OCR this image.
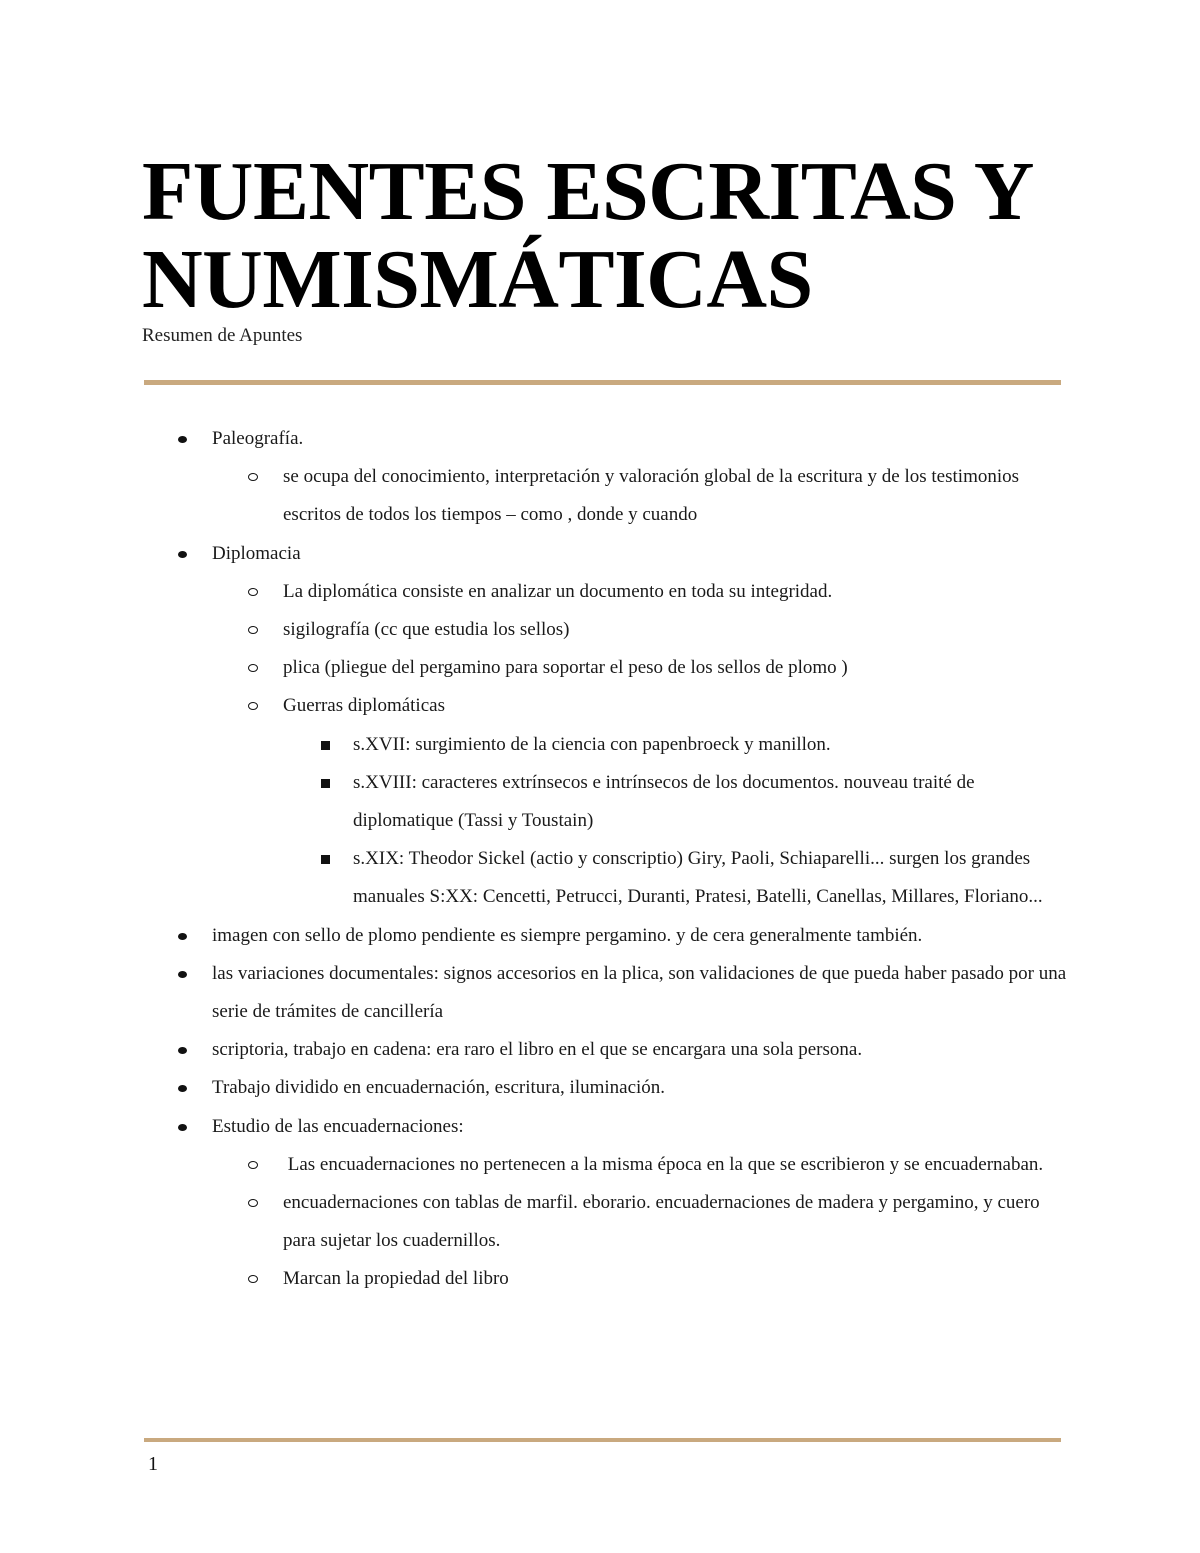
FUENTES ESCRITAS Y NUMISMÁTICAS
Resumen de Apuntes
Paleografía.
se ocupa del conocimiento, interpretación y valoración global de la escritura y de los testimonios escritos de todos los tiempos – como , donde y cuando
Diplomacia
La diplomática consiste en analizar un documento en toda su integridad.
sigilografía (cc que estudia los sellos)
plica (pliegue del pergamino para soportar el peso de los sellos de plomo )
Guerras diplomáticas
s.XVII: surgimiento de la ciencia con papenbroeck y manillon.
s.XVIII: caracteres extrínsecos e intrínsecos de los documentos. nouveau traité de diplomatique (Tassi y Toustain)
s.XIX: Theodor Sickel (actio y conscriptio) Giry, Paoli, Schiaparelli... surgen los grandes manuales S:XX: Cencetti, Petrucci, Duranti, Pratesi, Batelli, Canellas, Millares, Floriano...
imagen con sello de plomo pendiente es siempre pergamino. y de cera generalmente también.
las variaciones documentales: signos accesorios en la plica, son validaciones de que pueda haber pasado por una serie de trámites de cancillería
scriptoria, trabajo en cadena: era raro el libro en el que se encargara una sola persona.
Trabajo dividido en encuadernación, escritura, iluminación.
Estudio de las encuadernaciones:
Las encuadernaciones no pertenecen a la misma época en la que se escribieron y se encuadernaban.
encuadernaciones con tablas de marfil. eborario. encuadernaciones de madera y pergamino, y cuero para sujetar los cuadernillos.
Marcan la propiedad del libro
1
